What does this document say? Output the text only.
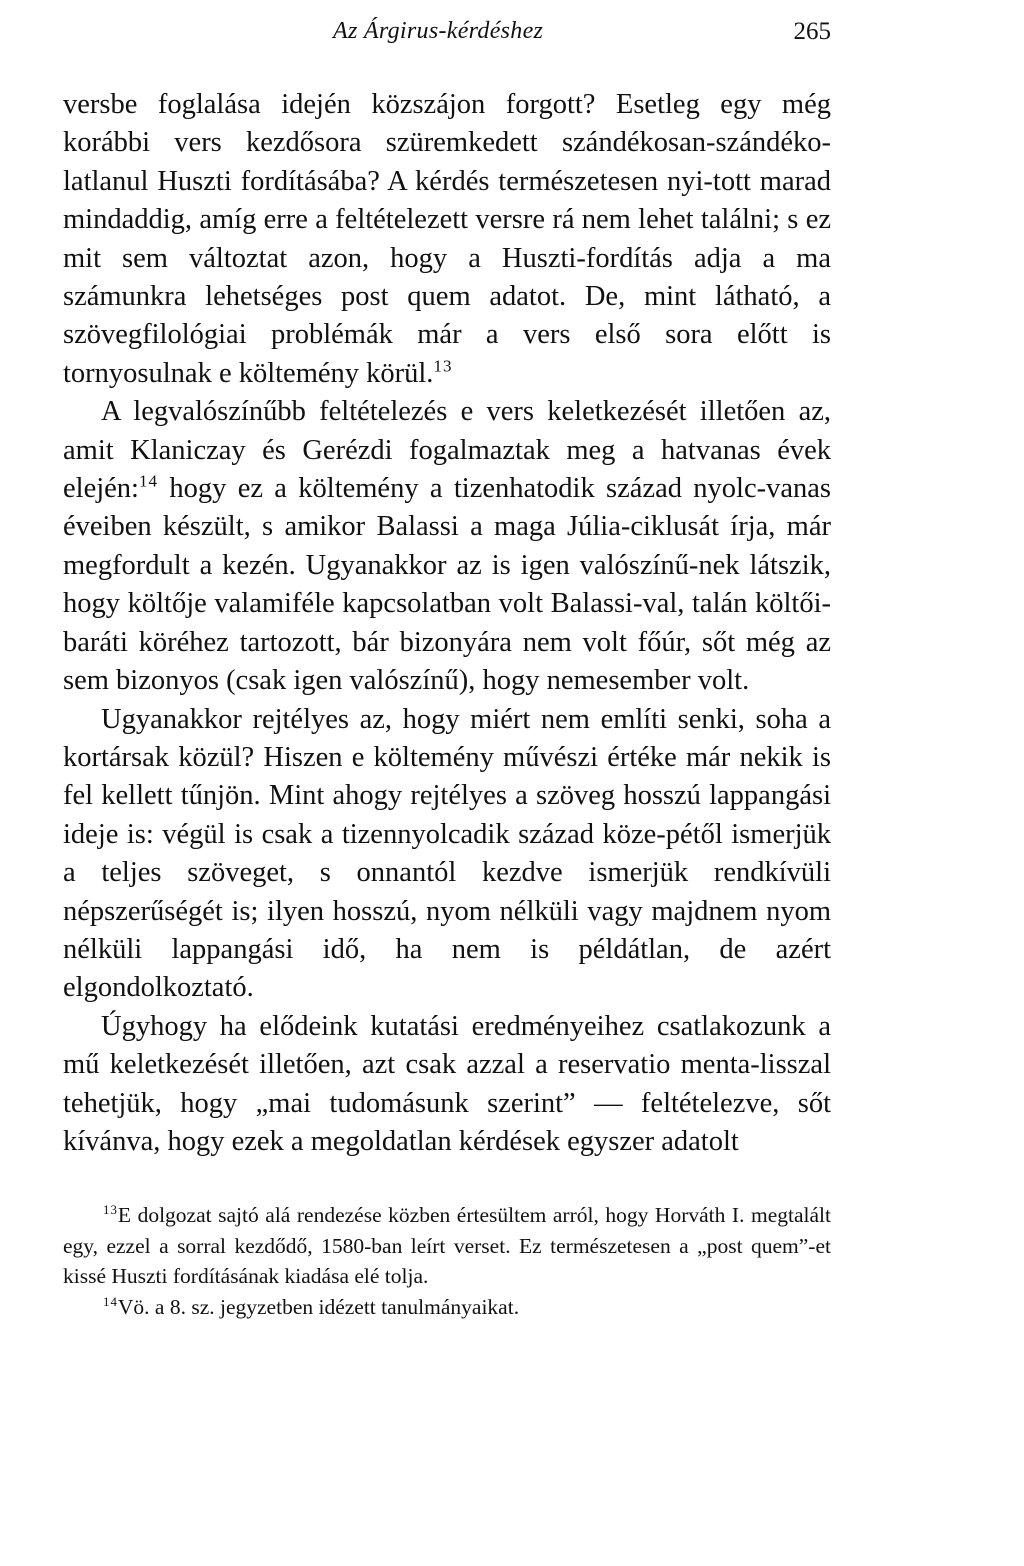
Az Árgirus-kérdéshez	265

versbe foglalása idején közszájon forgott? Esetleg egy még korábbi vers kezdősora szüremkedett szándékosan-szándéko-latlanul Huszti fordításába? A kérdés természetesen nyi-tott marad mindaddig, amíg erre a feltételezett versre rá nem lehet találni; s ez mit sem változtat azon, hogy a Huszti-fordítás adja a ma számunkra lehetséges post quem adatot. De, mint látható, a szövegfilológiai problémák már a vers első sora előtt is tornyosulnak e költemény körül.$^{13}$

A legvalószínűbb feltételezés e vers keletkezését illetően az, amit Klaniczay és Gerézdi fogalmaztak meg a hatvanas évek elején:$^{14}$ hogy ez a költemény a tizenhatodik század nyolc-vanas éveiben készült, s amikor Balassi a maga Júlia-ciklusát írja, már megfordult a kezén. Ugyanakkor az is igen valószínű-nek látszik, hogy költője valamiféle kapcsolatban volt Balassi-val, talán költői-baráti köréhez tartozott, bár bizonyára nem volt főúr, sőt még az sem bizonyos (csak igen valószínű), hogy nemesember volt.

Ugyanakkor rejtélyes az, hogy miért nem említi senki, soha a kortársak közül? Hiszen e költemény művészi értéke már nekik is fel kellett tűnjön. Mint ahogy rejtélyes a szöveg hosszú lappangási ideje is: végül is csak a tizennyolcadik század köze-pétől ismerjük a teljes szöveget, s onnantól kezdve ismerjük rendkívüli népszerűségét is; ilyen hosszú, nyom nélküli vagy majdnem nyom nélküli lappangási idő, ha nem is példátlan, de azért elgondolkoztató.

Úgyhogy ha elődeink kutatási eredményeihez csatlakozunk a mű keletkezését illetően, azt csak azzal a reservatio menta-lisszal tehetjük, hogy „mai tudomásunk szerint” — feltételezve, sőt kívánva, hogy ezek a megoldatlan kérdések egyszer adatolt

$^{13}$E dolgozat sajtó alá rendezése közben értesültem arról, hogy Horváth I. megtalált egy, ezzel a sorral kezdődő, 1580-ban leírt verset. Ez természetesen a „post quem”-et kissé Huszti fordításának kiadása elé tolja.

$^{14}$Vö. a 8. sz. jegyzetben idézett tanulmányaikat.
